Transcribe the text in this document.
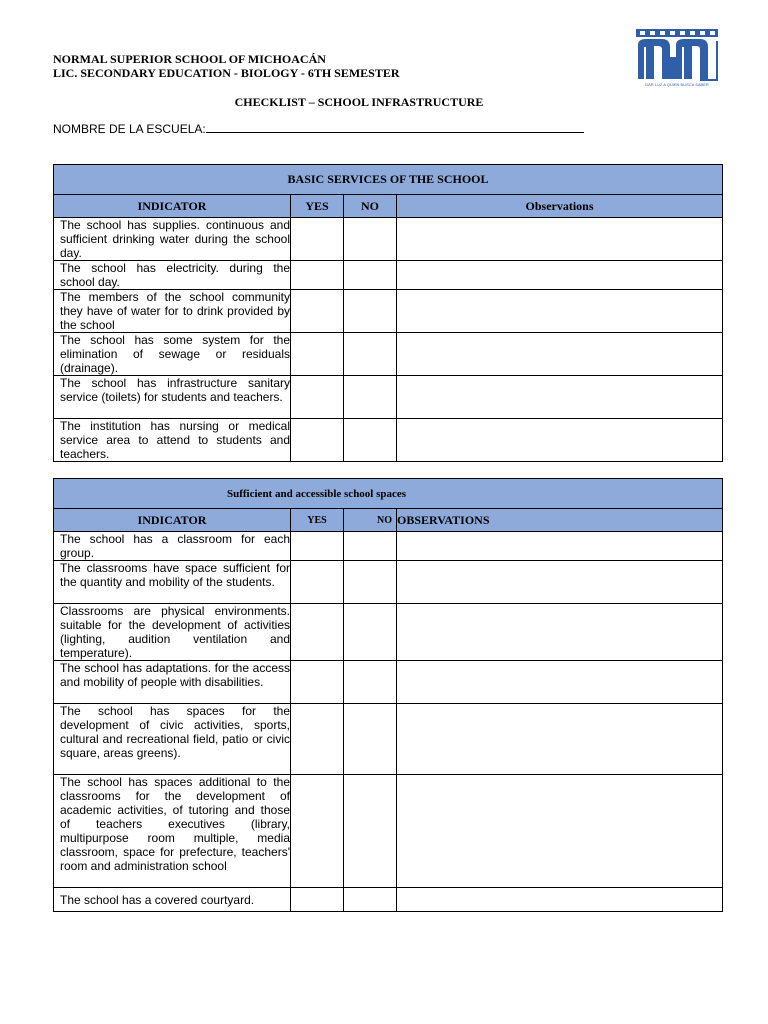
NORMAL SUPERIOR SCHOOL OF MICHOACÁN
LIC. SECONDARY EDUCATION - BIOLOGY - 6TH SEMESTER
DAR LUZ A QUIEN BUSCA SABER
CHECKLIST – SCHOOL INFRASTRUCTURE
NOMBRE DE LA ESCUELA:
BASIC SERVICES OF THE SCHOOL			
INDICATOR	YES	NO	Observations
The school has supplies. continuous and sufficient drinking water during the school day.			
The school has electricity. during the school day.			
The members of the school community they have of water for to drink provided by the school			
The school has some system for the elimination of sewage or residuals (drainage).			
The school has infrastructure sanitary service (toilets) for students and teachers.			
The institution has nursing or medical service area to attend to students and teachers.			
Sufficient and accessible school spaces			
INDICATOR	YES	NO	OBSERVATIONS
The school has a classroom for each group.			
The classrooms have space sufficient for the quantity and mobility of the students.			
Classrooms are physical environments. suitable for the development of activities (lighting, audition ventilation and temperature).			
The school has adaptations. for the access and mobility of people with disabilities.			
The school has spaces for the development of civic activities, sports, cultural and recreational field, patio or civic square, areas greens).			
The school has spaces additional to the classrooms for the development of academic activities, of tutoring and those of teachers executives (library, multipurpose room multiple, media classroom, space for prefecture, teachers' room and administration school			
The school has a covered courtyard.			
